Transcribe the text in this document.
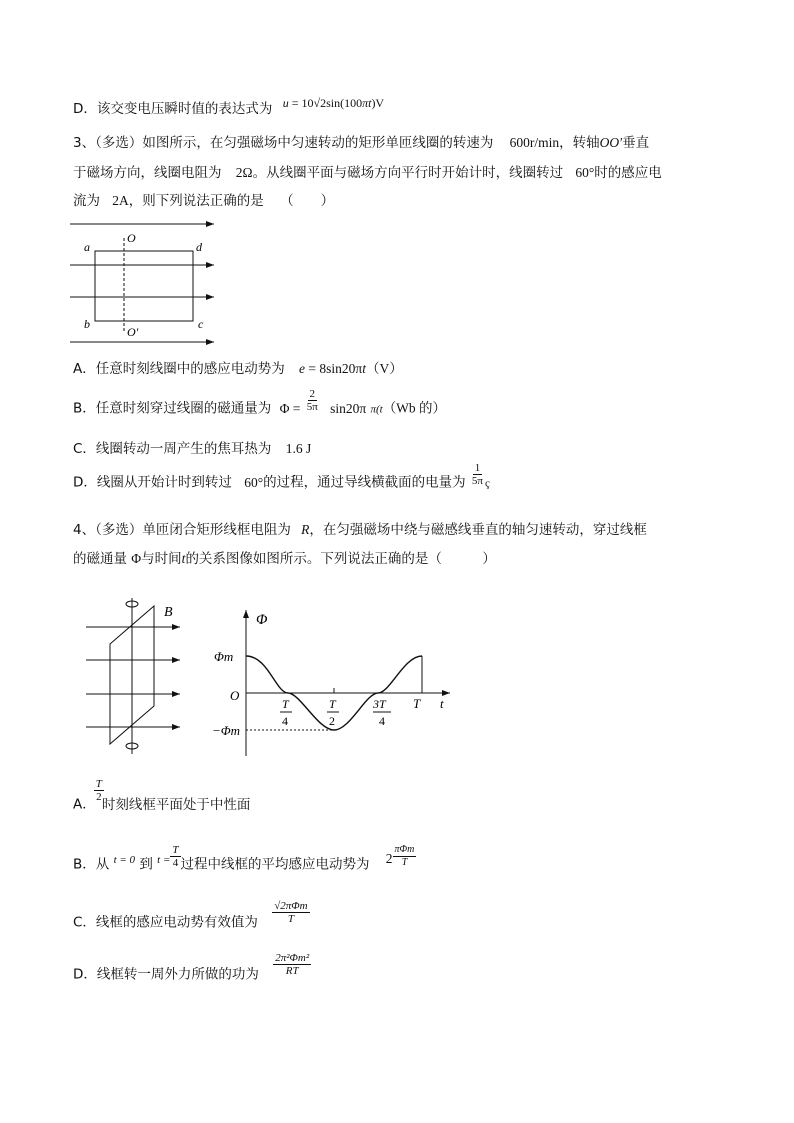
D．该交变电压瞬时值的表达式为 u = 10√2sin(100πt)V
3、（多选）如图所示，在匀强磁场中匀速转动的矩形单匝线圈的转速为 600r/min，转轴OO′垂直
于磁场方向，线圈电阻为 2Ω。从线圈平面与磁场方向平行时开始计时，线圈转过 60°时的感应电
流为 2A，则下列说法正确的是 （　　）
a	d
b	c
O
O′
A．任意时刻线圈中的感应电动势为 e = 8sin20πt（V）
B．任意时刻穿过线圈的磁通量为 $\Phi = \frac{2}{5\pi} \sin 20\pi$ π(t（Wb 的）
C．线圈转动一周产生的焦耳热为 1.6 J
D．线圈从开始计时到转过 60°的过程，通过导线横截面的电量为 $\frac{1}{5\pi}$ ç
4、（多选）单匝闭合矩形线框电阻为 R，在匀强磁场中绕与磁感线垂直的轴匀速转动，穿过线框
的磁通量 Φ与时间t的关系图像如图所示。下列说法正确的是（　　　）
B	Φ
Φm
O
−Φm
T
4
T
2
3T
4
T t
A．
$\frac{T}{2}$
时刻线框平面处于中性面
B．从 $^{t = 0}$ 到 $^{t =} \frac{T}{4}$ 过程中线框的平均感应电动势为 $2 \frac{\text{πΦm}}{T}$
C．线框的感应电动势有效值为 $\frac{\text{√2πΦm}}{T}$
D．线框转一周外力所做的功为 $\frac{\text{2π²Φm²}}{RT}$
